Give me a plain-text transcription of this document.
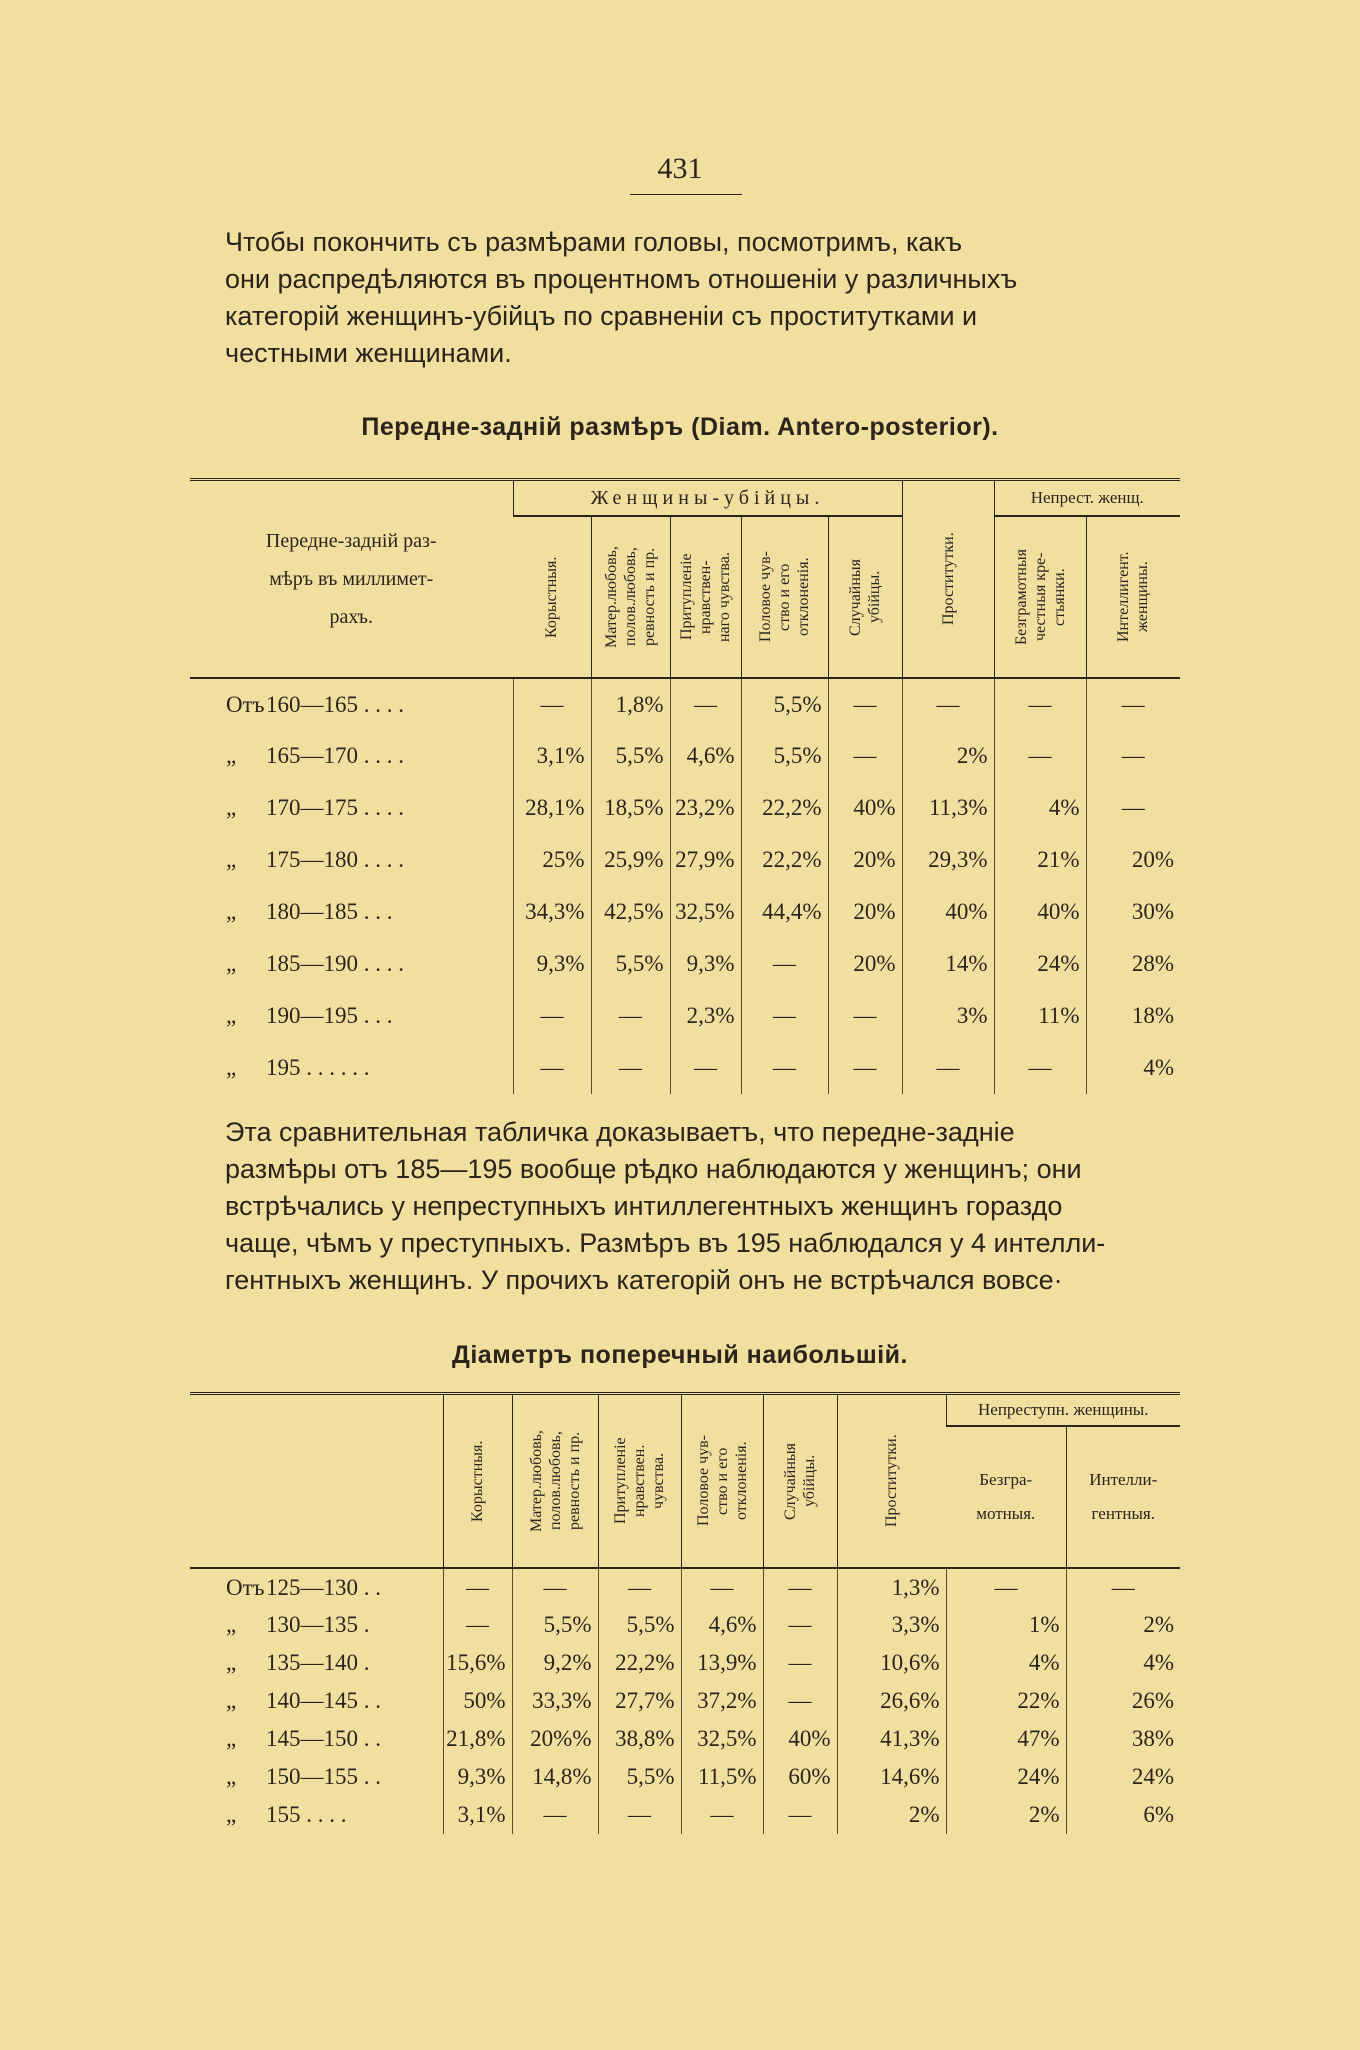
431

Чтобы покончить съ размѣрами головы, посмотримъ, какъ

они распредѣляются въ процентномъ отношеніи у различныхъ

категорій женщинъ-убійцъ по сравненіи съ проститутками и

честными женщинами.

Передне-задній размѣръ (Diam. Antero-posterior).
Передне-задній раз-
мѣръ въ миллимет-
рахъ.	Женщины-убійцы.					Проститутки.	Непрест. женщ.	

	Корыстныя.	Матер.любовь,
полов.любовь,
ревность и пр.	Притупленіе
нравствен-
наго чувства.	Половое чув-
ство и его
отклоненія.	Случайныя
убійцы.		Безграмотныя
честныя кре-
стьянки.	Интеллигент.
женщины.

Отъ160—165 . . . .	—	1,8%	—	5,5%	—	—	—	—
„ 165—170 . . . .	3,1%	5,5%	4,6%	5,5%	—	2%	—	—
„ 170—175 . . . .	28,1%	18,5%	23,2%	22,2%	40%	11,3%	4%	—
„ 175—180 . . . .	25%	25,9%	27,9%	22,2%	20%	29,3%	21%	20%
„ 180—185 . . .	34,3%	42,5%	32,5%	44,4%	20%	40%	40%	30%
„ 185—190 . . . .	9,3%	5,5%	9,3%	—	20%	14%	24%	28%
„ 190—195 . . .	—	—	2,3%	—	—	3%	11%	18%
„ 195 . . . . . .	—	—	—	—	—	—	—	4%

Эта сравнительная табличка доказываетъ, что передне-задніе

размѣры отъ 185—195 вообще рѣдко наблюдаются у женщинъ; они

встрѣчались у непреступныхъ интиллегентныхъ женщинъ гораздо

чаще, чѣмъ у преступныхъ. Размѣръ въ 195 наблюдался у 4 интелли-

гентныхъ женщинъ. У прочихъ категорій онъ не встрѣчался вовсе·

Діаметръ поперечный наибольшій.

	Корыстныя.	Матер.любовь,
полов.любовь,
ревность и пр.	Притупленіе
нравствен.
чувства.	Половое чув-
ство и его
отклоненія.	Случайныя
убійцы.	Проститутки.	Непреступн. женщины.	

							Безгра-
мотныя.	Интелли-
гентныя.

Отъ125—130 . .	—	—	—	—	—	1,3%	—	—
„ 130—135 .	—	5,5%	5,5%	4,6%	—	3,3%	1%	2%
„ 135—140 .	15,6%	9,2%	22,2%	13,9%	—	10,6%	4%	4%
„ 140—145 . .	50%	33,3%	27,7%	37,2%	—	26,6%	22%	26%
„ 145—150 . .	21,8%	20%%	38,8%	32,5%	40%	41,3%	47%	38%
„ 150—155 . .	9,3%	14,8%	5,5%	11,5%	60%	14,6%	24%	24%
„ 155 . . . .	3,1%	—	—	—	—	2%	2%	6%
